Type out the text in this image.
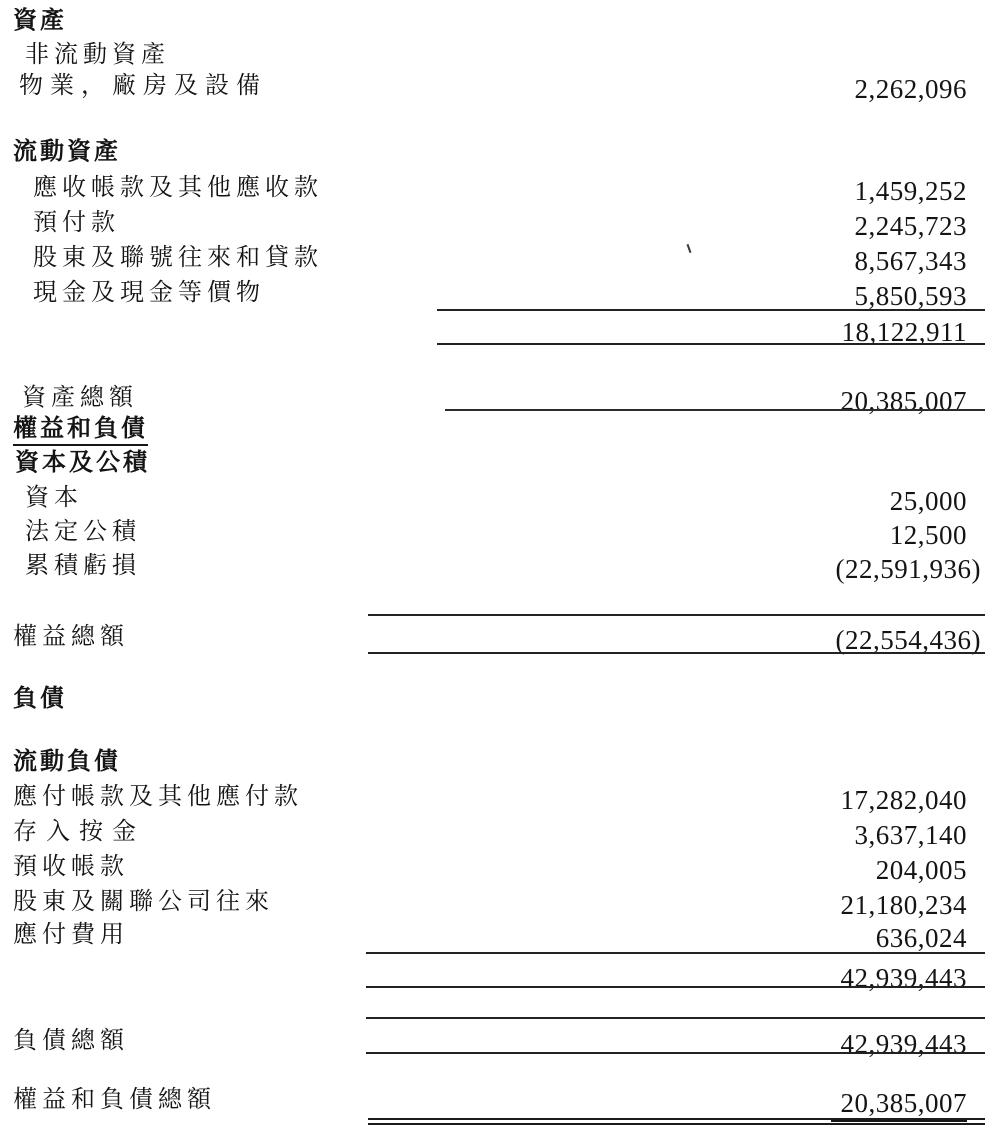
資產
非流動資產
物業，廠房及設備	2,262,096
流動資產
應收帳款及其他應收款	1,459,252
預付款	2,245,723
股東及聯號往來和貸款	8,567,343
現金及現金等價物	5,850,593
18,122,911
資產總額	20,385,007
權益和負債
資本及公積
資本	25,000
法定公積	12,500
累積虧損	(22,591,936)
權益總額	(22,554,436)
負債
流動負債
應付帳款及其他應付款	17,282,040
存入按金	3,637,140
預收帳款	204,005
股東及關聯公司往來	21,180,234
應付費用	636,024
42,939,443
負債總額	42,939,443
權益和負債總額	20,385,007
